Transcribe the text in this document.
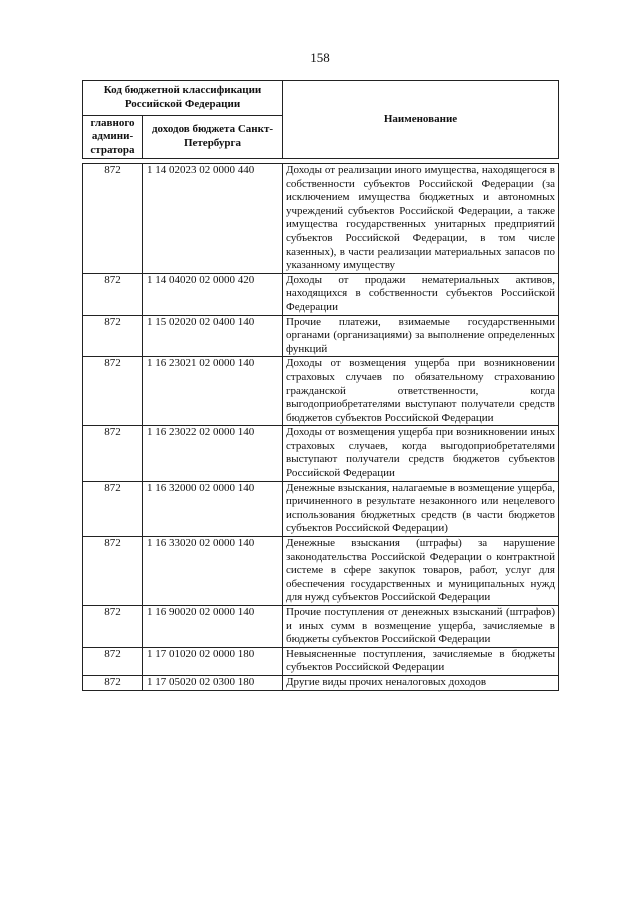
158
Код бюджетной классификации Российской Федерации		Наименование
главного админи-стратора	доходов бюджета Санкт-Петербурга	
872	1 14 02023 02 0000 440	Доходы от реализации иного имущества, находящегося в собственности субъектов Российской Федерации (за исключением имущества бюджетных и автономных учреждений субъектов Российской Федерации, а также имущества государственных унитарных предприятий субъектов Российской Федерации, в том числе казенных), в части реализации материальных запасов по указанному имуществу
872	1 14 04020 02 0000 420	Доходы от продажи нематериальных активов, находящихся в собственности субъектов Российской Федерации
872	1 15 02020 02 0400 140	Прочие платежи, взимаемые государственными органами (организациями) за выполнение определенных функций
872	1 16 23021 02 0000 140	Доходы от возмещения ущерба при возникновении страховых случаев по обязательному страхованию гражданской ответственности, когда выгодоприобретателями выступают получатели средств бюджетов субъектов Российской Федерации
872	1 16 23022 02 0000 140	Доходы от возмещения ущерба при возникновении иных страховых случаев, когда выгодоприобретателями выступают получатели средств бюджетов субъектов Российской Федерации
872	1 16 32000 02 0000 140	Денежные взыскания, налагаемые в возмещение ущерба, причиненного в результате незаконного или нецелевого использования бюджетных средств (в части бюджетов субъектов Российской Федерации)
872	1 16 33020 02 0000 140	Денежные взыскания (штрафы) за нарушение законодательства Российской Федерации о контрактной системе в сфере закупок товаров, работ, услуг для обеспечения государственных и муниципальных нужд для нужд субъектов Российской Федерации
872	1 16 90020 02 0000 140	Прочие поступления от денежных взысканий (штрафов) и иных сумм в возмещение ущерба, зачисляемые в бюджеты субъектов Российской Федерации
872	1 17 01020 02 0000 180	Невыясненные поступления, зачисляемые в бюджеты субъектов Российской Федерации
872	1 17 05020 02 0300 180	Другие виды прочих неналоговых доходов
